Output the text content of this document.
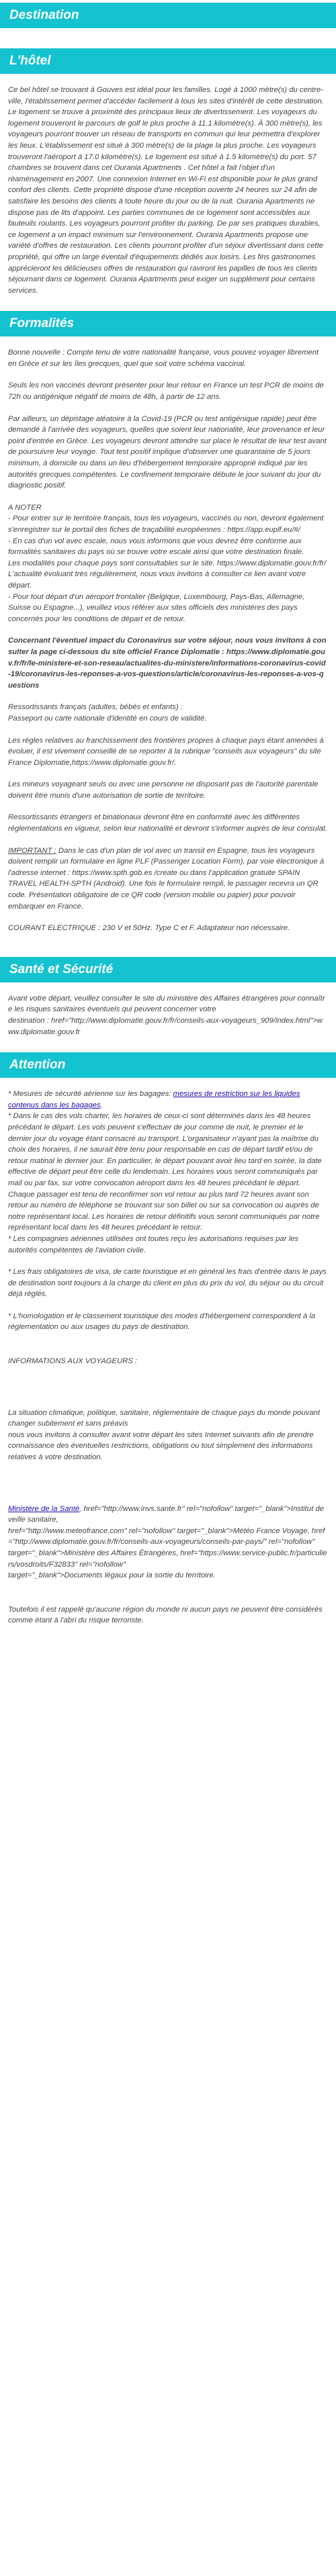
Destination
L'hôtel

Ce bel hôtel se trouvant à Gouves est idéal pour les familles. Logé à 1000 mètre(s) du centre-ville, l'établissement permet d'accéder facilement à tous les sites d'intérêt de cette destination. Le logement se trouve à proximité des principaux lieux de divertissement. Les voyageurs du logement trouveront le parcours de golf le plus proche à 11.1 kilomètre(s). À 300 mètre(s), les voyageurs pourront trouver un réseau de transports en commun qui leur permettra d'explorer les lieux. L'établissement est situé à 300 mètre(s) de la plage la plus proche. Les voyageurs trouveront l'aéroport à 17.0 kilomètre(s). Le logement est situé à 1.5 kilomètre(s) du port. 57 chambres se trouvent dans cet Ourania Apartments . Cet hôtel a fait l'objet d'un réaménagement en 2007. Une connexion Internet en Wi-Fi est disponible pour le plus grand confort des clients. Cette propriété dispose d'une réception ouverte 24 heures sur 24 afin de satisfaire les besoins des clients à toute heure du jour ou de la nuit. Ourania Apartments ne dispose pas de lits d'appoint. Les parties communes de ce logement sont accessibles aux fauteuils roulants. Les voyageurs pourront profiter du parking. De par ses pratiques durables, ce logement a un impact minimum sur l'environnement. Ourania Apartments propose une variété d'offres de restauration. Les clients pourront profiter d'un séjour divertissant dans cette propriété, qui offre un large éventail d'équipements dédiés aux loisirs. Les fins gastronomes apprécieront les délicieuses offres de restauration qui raviront les papilles de tous les clients séjournant dans ce logement. Ourania Apartments peut exiger un supplément pour certains services.

Formalités

Bonne nouvelle : Compte tenu de votre nationalité française, vous pouvez voyager librement en Grèce et sur les îles grecques, quel que soit votre schéma vaccinal.

Seuls les non vaccinés devront présenter pour leur retour en France un test PCR de moins de 72h ou antigénique négatif de moins de 48h, à partir de 12 ans.

Par ailleurs, un dépistage aléatoire à la Covid-19 (PCR ou test antigénique rapide) peut être demandé à l'arrivée des voyageurs, quelles que soient leur nationalité, leur provenance et leur point d'entrée en Grèce. Les voyageurs devront attendre sur place le résultat de leur test avant de poursuivre leur voyage. Tout test positif implique d'observer une quarantaine de 5 jours minimum, à domicile ou dans un lieu d'hébergement temporaire approprié indiqué par les autorités grecques compétentes. Le confinement temporaire débute le jour suivant du jour du diagnostic positif.

A NOTER
- Pour entrer sur le territoire français, tous les voyageurs, vaccinés ou non, devront également s'enregistrer sur le portail des fiches de traçabilité européennes : https://app.euplf.eu/#/
- En cas d'un vol avec escale, nous vous informons que vous devrez être conforme aux formalités sanitaires du pays où se trouve votre escale ainsi que votre destination finale.
Les modalités pour chaque pays sont consultables sur le site. https://www.diplomatie.gouv.fr/fr/ L'actualité évoluant très régulièrement, nous vous invitons à consulter ce lien avant votre départ.
- Pour tout départ d'un aéroport frontalier (Belgique, Luxembourg, Pays-Bas, Allemagne, Suisse ou Espagne...), veuillez vous référer aux sites officiels des ministères des pays concernés pour les conditions de départ et de retour.

Concernant l'éventuel impact du Coronavirus sur votre séjour, nous vous invitons à consulter la page ci-dessous du site officiel France Diplomatie : https://www.diplomatie.gouv.fr/fr/le-ministere-et-son-reseau/actualites-du-ministere/informations-coronavirus-covid-19/coronavirus-les-reponses-a-vos-questions/article/coronavirus-les-reponses-a-vos-questions

Ressortissants français (adultes, bébés et enfants) :
Passeport ou carte nationale d'identité en cours de validité.

Les règles relatives au franchissement des frontières propres à chaque pays étant amenées à évoluer, il est vivement conseillé de se reporter à la rubrique "conseils aux voyageurs" du site France Diplomatie,https://www.diplomatie.gouv.fr/.

Les mineurs voyageant seuls ou avec une personne ne disposant pas de l'autorité parentale doivent être munis d'une autorisation de sortie de territoire.

Ressortissants étrangers et binationaux devront être en conformité avec les différentes réglementations en vigueur, selon leur nationalité et devront s'informer auprès de leur consulat.

IMPORTANT : Dans le cas d'un plan de vol avec un transit en Espagne, tous les voyageurs doivent remplir un formulaire en ligne PLF (Passenger Location Form), par voie électronique à l'adresse internet : https://www.spth.gob.es /create ou dans l'application gratuite SPAIN TRAVEL HEALTH-SPTH (Android). Une fois le formulaire rempli, le passager recevra un QR code. Présentation obligatoire de ce QR code (version mobile ou papier) pour pouvoir embarquer en France.

COURANT ELECTRIQUE : 230 V et 50Hz. Type C et F. Adaptateur non nécessaire.

Santé et Sécurité

Avant votre départ, veuillez consulter le site du ministère des Affaires étrangères pour connaître les risques sanitaires éventuels qui peuvent concerner votre
destination : href="http://www.diplomatie.gouv.fr/fr/conseils-aux-voyageurs_909/index.html">www.diplomatie.gouv.fr

Attention

* Mesures de sécurité aérienne sur les bagages: mesures de restriction sur les liquides contenus dans les bagages.
* Dans le cas des vols charter, les horaires de ceux-ci sont déterminés dans les 48 heures précédant le départ. Les vols peuvent s'effectuer de jour comme de nuit, le premier et le dernier jour du voyage étant consacré au transport. L'organisateur n'ayant pas la maîtrise du choix des horaires, il ne saurait être tenu pour responsable en cas de départ tardif et/ou de retour matinal le dernier jour. En particulier, le départ pouvant avoir lieu tard en soirée, la date effective de départ peut être celle du lendemain. Les horaires vous seront communiqués par mail ou par fax, sur votre convocation aéroport dans les 48 heures précédant le départ. Chaque passager est tenu de reconfirmer son vol retour au plus tard 72 heures avant son retour au numéro de téléphone se trouvant sur son billet ou sur sa convocation ou auprès de notre représentant local. Les horaires de retour définitifs vous seront communiqués par notre représentant local dans les 48 heures précédant le retour.
* Les compagnies aériennes utilisées ont toutes reçu les autorisations requises par les autorités compétentes de l'aviation civile.

* Les frais obligatoires de visa, de carte touristique et en général les frais d'entrée dans le pays de destination sont toujours à la charge du client en plus du prix du vol, du séjour ou du circuit déjà réglés.

* L'homologation et le classement touristique des modes d'hébergement correspondent à la réglementation ou aux usages du pays de destination.

INFORMATIONS AUX VOYAGEURS :

La situation climatique, politique, sanitaire, réglementaire de chaque pays du monde pouvant changer subitement et sans préavis
nous vous invitons à consulter avant votre départ les sites Internet suivants afin de prendre connaissance des éventuelles restrictions, obligations ou tout simplement des informations relatives à votre destination.

Ministère de la Santé, href="http://www.invs.sante.fr" rel="nofollow" target="_blank">Institut de veille sanitaire,
href="http://www.meteofrance.com" rel="nofollow" target="_blank">Météo France Voyage, href="http://www.diplomatie.gouv.fr/fr/conseils-aux-voyageurs/conseils-par-pays/" rel="nofollow"
target="_blank">Ministère des Affaires Étrangères, href="https://www.service-public.fr/particuliers/vosdroits/F32833" rel="nofollow"
target="_blank">Documents légaux pour la sortie du territoire.

Toutefois il est rappelé qu'aucune région du monde ni aucun pays ne peuvent être considérés comme étant à l'abri du risque terroriste.
